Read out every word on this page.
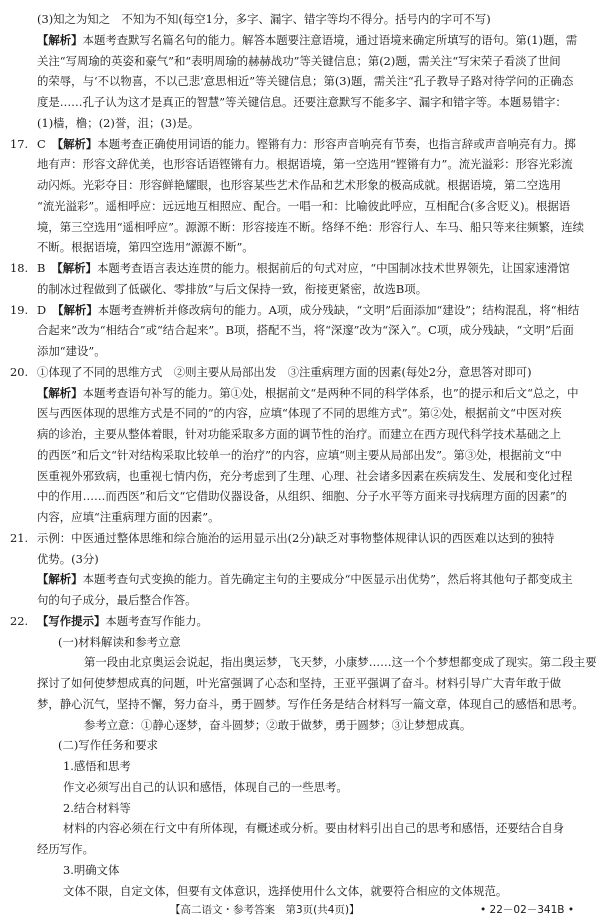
(3)知之为知之　不知为不知(每空1分，多字、漏字、错字等均不得分。括号内的字可不写)
【解析】本题考查默写名篇名句的能力。解答本题要注意语境，通过语境来确定所填写的语句。第(1)题，需
关注“写周瑜的英姿和豪气”和“表明周瑜的赫赫战功”等关键信息；第(2)题，需关注“写宋荣子看淡了世间
的荣辱，与‘不以物喜，不以己悲’意思相近”等关键信息；第(3)题，需关注“孔子教导子路对待学问的正确态
度是……孔子认为这才是真正的智慧”等关键信息。还要注意默写不能多字、漏字和错字等。本题易错字：
(1)樯，橹；(2)誉，沮；(3)是。
17. C 【解析】本题考查正确使用词语的能力。铿锵有力：形容声音响亮有节奏，也指言辞或声音响亮有力。掷
地有声：形容文辞优美，也形容话语铿锵有力。根据语境，第一空选用“铿锵有力”。流光溢彩：形容光彩流
动闪烁。光彩夺目：形容鲜艳耀眼，也形容某些艺术作品和艺术形象的极高成就。根据语境，第二空选用
“流光溢彩”。遥相呼应：远远地互相照应、配合。一唱一和：比喻彼此呼应，互相配合(多含贬义)。根据语
境，第三空选用“遥相呼应”。源源不断：形容接连不断。络绎不绝：形容行人、车马、船只等来往频繁，连续
不断。根据语境，第四空选用“源源不断”。
18. B 【解析】本题考查语言表达连贯的能力。根据前后的句式对应，“中国制冰技术世界领先，让国家速滑馆
的制冰过程做到了低碳化、零排放”与后文保持一致，衔接更紧密，故选B项。
19. D 【解析】本题考查辨析并修改病句的能力。A项，成分残缺，“文明”后面添加“建设”；结构混乱，将“相结
合起来”改为“相结合”或“结合起来”。B项，搭配不当，将“深邃”改为“深入”。C项，成分残缺，“文明”后面
添加“建设”。
20. ①体现了不同的思维方式　②则主要从局部出发　③注重病理方面的因素(每处2分，意思答对即可)
【解析】本题考查语句补写的能力。第①处，根据前文“是两种不同的科学体系，也”的提示和后文“总之，中
医与西医体现的思维方式是不同的”的内容，应填“体现了不同的思维方式”。第②处，根据前文“中医对疾
病的诊治，主要从整体着眼，针对功能采取多方面的调节性的治疗。而建立在西方现代科学技术基础之上
的西医”和后文“针对结构采取比较单一的治疗”的内容，应填“则主要从局部出发”。第③处，根据前文“中
医重视外邪致病，也重视七情内伤，充分考虑到了生理、心理、社会诸多因素在疾病发生、发展和变化过程
中的作用……而西医”和后文“它借助仪器设备，从组织、细胞、分子水平等方面来寻找病理方面的因素”的
内容，应填“注重病理方面的因素”。
21. 示例：中医通过整体思维和综合施治的运用显示出(2分)缺乏对事物整体规律认识的西医难以达到的独特
优势。(3分)
【解析】本题考查句式变换的能力。首先确定主句的主要成分“中医显示出优势”，然后将其他句子都变成主
句的句子成分，最后整合作答。
22. 【写作提示】本题考查写作能力。
(一)材料解读和参考立意
第一段由北京奥运会说起，指出奥运梦，飞天梦，小康梦……这一个个梦想都变成了现实。第二段主要
探讨了如何使梦想成真的问题，叶光富强调了心态和坚持，王亚平强调了奋斗。材料引导广大青年敢于做
梦，静心沉气，坚持不懈，努力奋斗，勇于圆梦。写作任务是结合材料写一篇文章，体现自己的感悟和思考。
参考立意：①静心逐梦，奋斗圆梦；②敢于做梦，勇于圆梦；③让梦想成真。
(二)写作任务和要求
1.感悟和思考
作文必须写出自己的认识和感悟，体现自己的一些思考。
2.结合材料等
材料的内容必须在行文中有所体现，有概述或分析。要由材料引出自己的思考和感悟，还要结合自身
经历写作。
3.明确文体
文体不限，自定文体，但要有文体意识，选择使用什么文体，就要符合相应的文体规范。
【高二语文・参考答案　第3页(共4页)】	• 22－02－341B •
